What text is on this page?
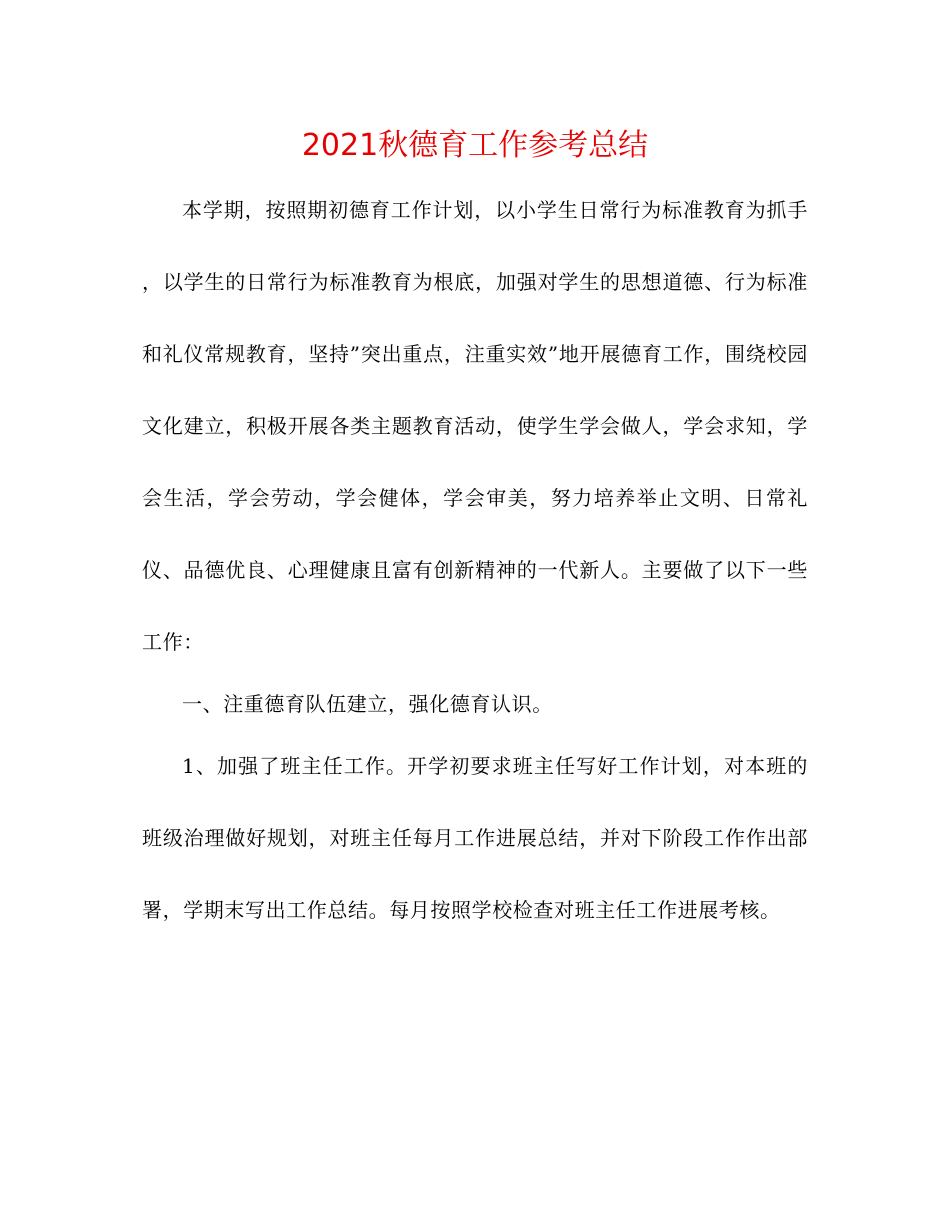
2021秋德育工作参考总结

本学期，按照期初德育工作计划，以小学生日常行为标准教育为抓手 ，以学生的日常行为标准教育为根底，加强对学生的思想道德、行为标准和礼仪常规教育，坚持”突出重点，注重实效”地开展德育工作，围绕校园文化建立，积极开展各类主题教育活动，使学生学会做人，学会求知，学会生活，学会劳动，学会健体，学会审美，努力培养举止文明、日常礼仪、品德优良、心理健康且富有创新精神的一代新人。主要做了以下一些工作：

一、注重德育队伍建立，强化德育认识。

1、加强了班主任工作。开学初要求班主任写好工作计划，对本班的班级治理做好规划，对班主任每月工作进展总结，并对下阶段工作作出部署，学期末写出工作总结。每月按照学校检查对班主任工作进展考核。
